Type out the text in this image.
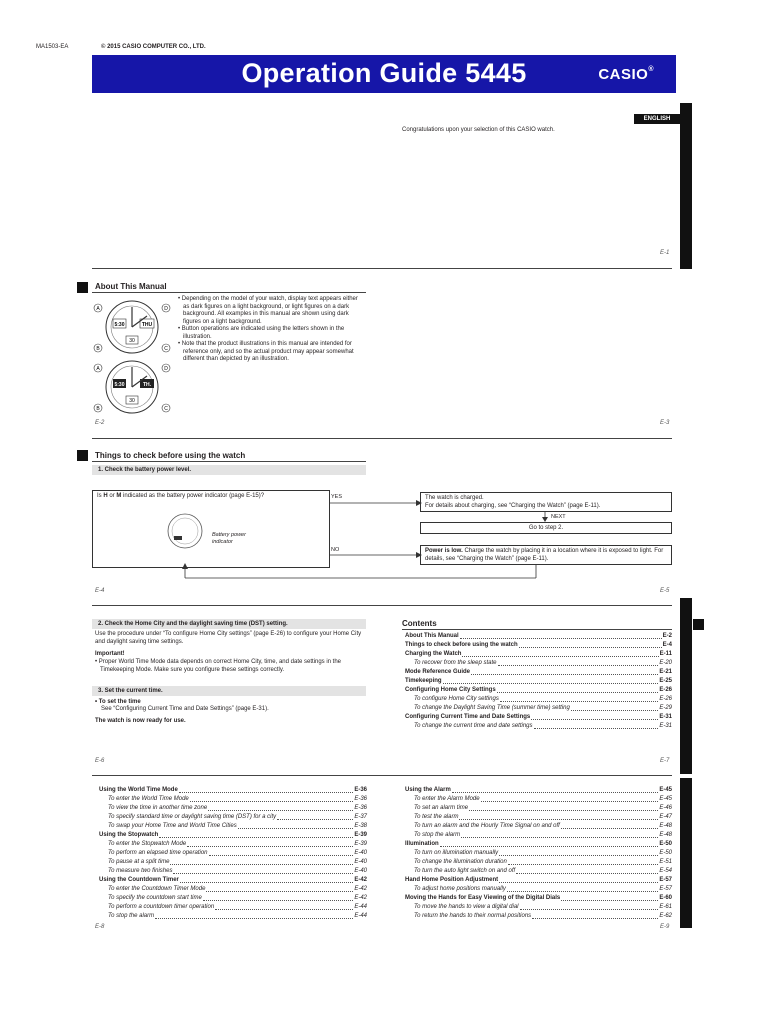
MA1503-EA	© 2015 CASIO COMPUTER CO., LTD.
Operation Guide 5445	CASIO®
ENGLISH
Congratulations upon your selection of this CASIO watch.
E-1
About This Manual
5:30	THU
30
A	D
B	C
5:30	TH.
30
A	D
B	C
• Depending on the model of your watch, display text appears either as dark figures on a light background, or light figures on a dark background. All examples in this manual are shown using dark figures on a light background.
• Button operations are indicated using the letters shown in the illustration.
• Note that the product illustrations in this manual are intended for reference only, and so the actual product may appear somewhat different than depicted by an illustration.
E-2	E-3
Things to check before using the watch
1. Check the battery power level.
Is H or M indicated as the battery power indicator (page E-15)?
Battery power
indicator
YES
NO
The watch is charged.
For details about charging, see “Charging the Watch” (page E-11).
NEXT
Go to step 2.
Power is low. Charge the watch by placing it in a location where it is exposed to light. For details, see “Charging the Watch” (page E-11).
E-4	E-5
2. Check the Home City and the daylight saving time (DST) setting.
Use the procedure under “To configure Home City settings” (page E-26) to configure your Home City and daylight saving time settings.
Important!
• Proper World Time Mode data depends on correct Home City, time, and date settings in the Timekeeping Mode. Make sure you configure these settings correctly.
3. Set the current time.
• To set the time
See “Configuring Current Time and Date Settings” (page E-31).
The watch is now ready for use.
E-6
Contents
About This Manual	E-2
Things to check before using the watch	E-4
Charging the Watch	E-11
To recover from the sleep state	E-20
Mode Reference Guide	E-21
Timekeeping	E-25
Configuring Home City Settings	E-26
To configure Home City settings	E-26
To change the Daylight Saving Time (summer time) setting	E-29
Configuring Current Time and Date Settings	E-31
To change the current time and date settings	E-31
E-7
Using the World Time Mode	E-36
To enter the World Time Mode	E-36
To view the time in another time zone	E-36
To specify standard time or daylight saving time (DST) for a city	E-37
To swap your Home Time and World Time Cities	E-38
Using the Stopwatch	E-39
To enter the Stopwatch Mode	E-39
To perform an elapsed time operation	E-40
To pause at a split time	E-40
To measure two finishes	E-40
Using the Countdown Timer	E-42
To enter the Countdown Timer Mode	E-42
To specify the countdown start time	E-42
To perform a countdown timer operation	E-44
To stop the alarm	E-44
Using the Alarm	E-45
To enter the Alarm Mode	E-45
To set an alarm time	E-46
To test the alarm	E-47
To turn an alarm and the Hourly Time Signal on and off	E-48
To stop the alarm	E-48
Illumination	E-50
To turn on illumination manually	E-50
To change the illumination duration	E-51
To turn the auto light switch on and off	E-54
Hand Home Position Adjustment	E-57
To adjust home positions manually	E-57
Moving the Hands for Easy Viewing of the Digital Dials	E-60
To move the hands to view a digital dial	E-61
To return the hands to their normal positions	E-62
E-8	E-9
